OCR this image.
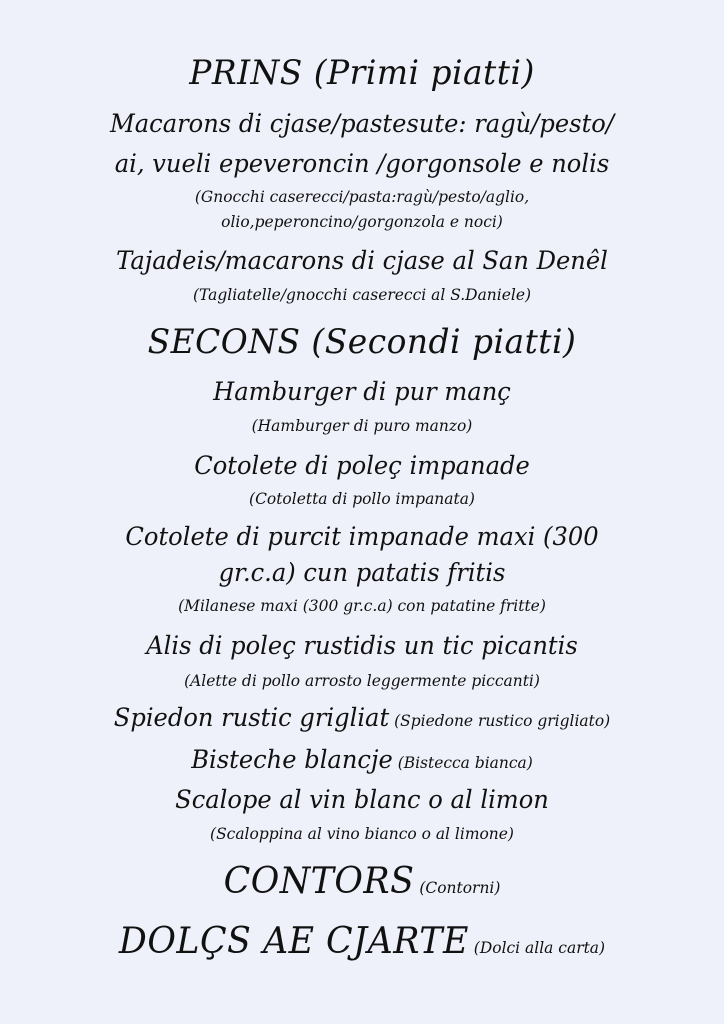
PRINS (Primi piatti)
Macarons di cjase/pastesute: ragù/pesto/
ai, vueli epeveroncin /gorgonsole e nolis
(Gnocchi caserecci/pasta:ragù/pesto/aglio,
olio,peperoncino/gorgonzola e noci)
Tajadeis/macarons di cjase al San Denêl
(Tagliatelle/gnocchi caserecci al S.Daniele)
SECONS (Secondi piatti)
Hamburger di pur manç
(Hamburger di puro manzo)
Cotolete di poleç impanade
(Cotoletta di pollo impanata)
Cotolete di purcit impanade maxi (300
gr.c.a) cun patatis fritis
(Milanese maxi (300 gr.c.a) con patatine fritte)
Alis di poleç rustidis un tic picantis
(Alette di pollo arrosto leggermente piccanti)
Spiedon rustic grigliat (Spiedone rustico grigliato)
Bisteche blancje (Bistecca bianca)
Scalope al vin blanc o al limon
(Scaloppina al vino bianco o al limone)
CONTORS (Contorni)
DOLÇS AE CJARTE (Dolci alla carta)
